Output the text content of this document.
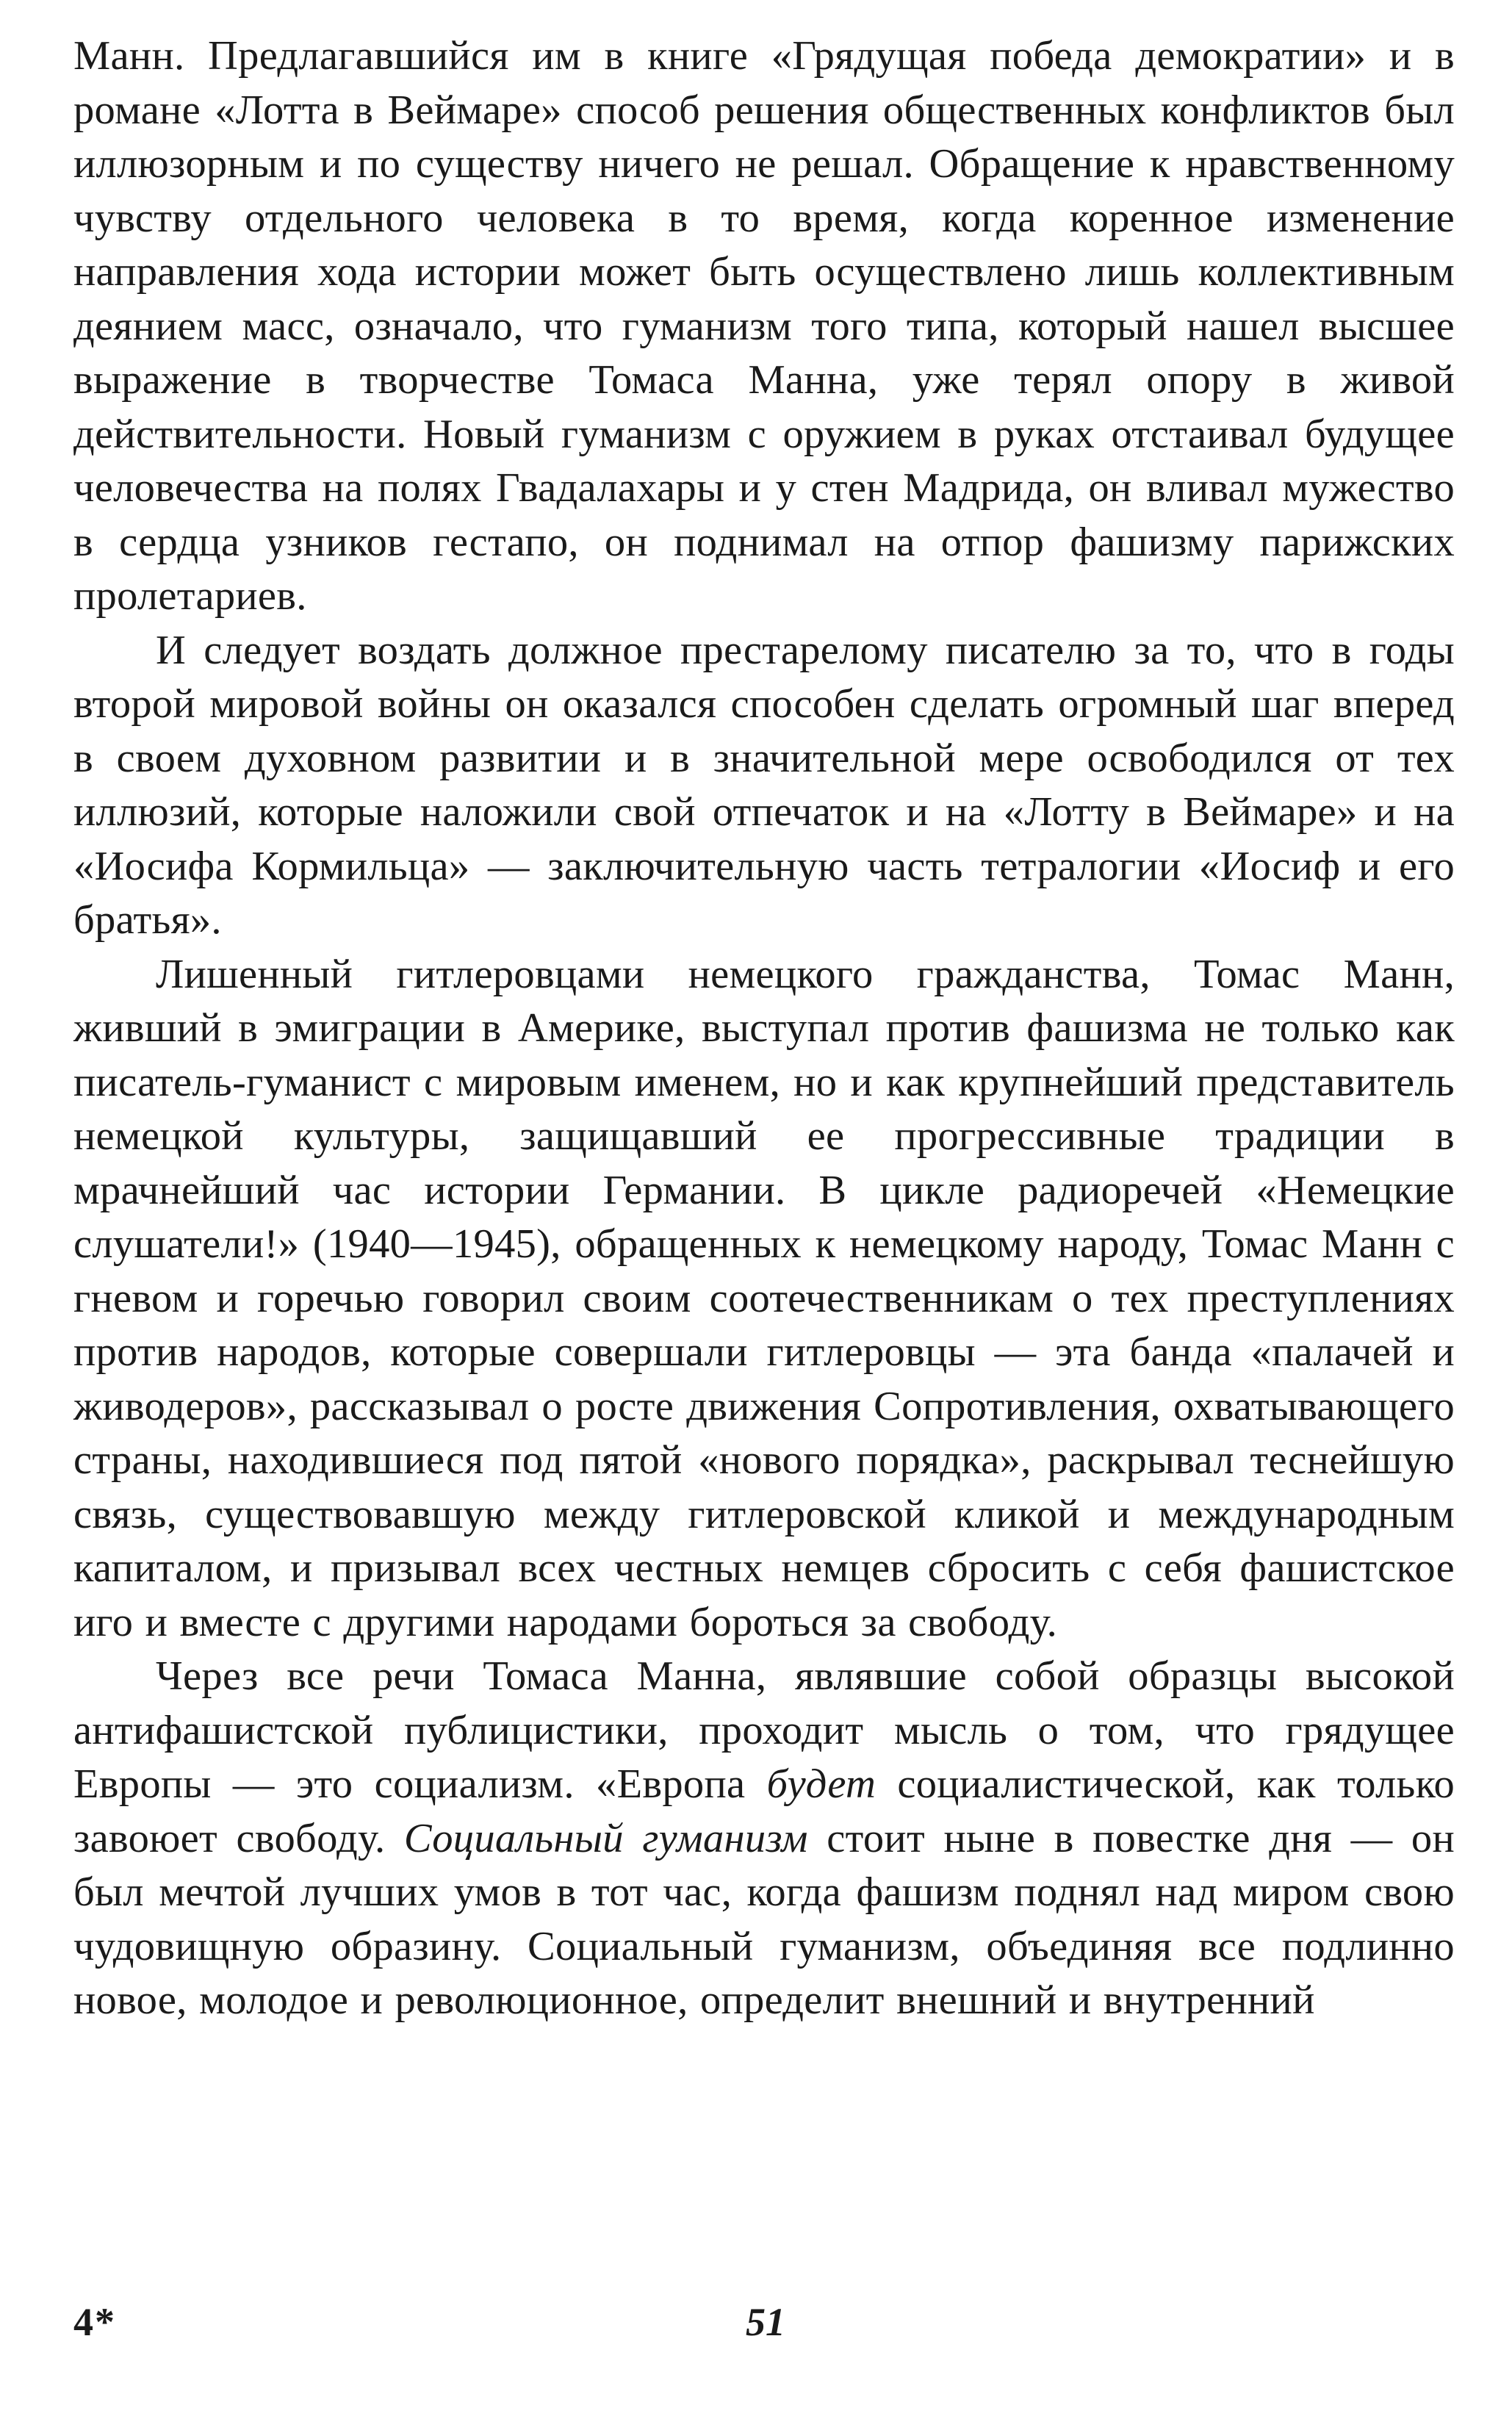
Манн. Предлагавшийся им в книге «Грядущая победа демократии» и в романе «Лотта в Веймаре» способ решения общественных конфликтов был иллюзорным и по существу ничего не решал. Обращение к нравственному чувству отдельного человека в то время, когда коренное изменение направления хода истории может быть осуществлено лишь коллективным деянием масс, означало, что гуманизм того типа, который нашел высшее выражение в творчестве Томаса Манна, уже терял опору в живой действительности. Новый гуманизм с оружием в руках отстаивал будущее человечества на полях Гвадалахары и у стен Мадрида, он вливал мужество в сердца узников гестапо, он поднимал на отпор фашизму парижских пролетариев.

И следует воздать должное престарелому писателю за то, что в годы второй мировой войны он оказался способен сделать огромный шаг вперед в своем духовном развитии и в значительной мере освободился от тех иллюзий, которые наложили свой отпечаток и на «Лотту в Веймаре» и на «Иосифа Кормильца» — заключительную часть тетралогии «Иосиф и его братья».

Лишенный гитлеровцами немецкого гражданства, Томас Манн, живший в эмиграции в Америке, выступал против фашизма не только как писатель-гуманист с мировым именем, но и как крупнейший представитель немецкой культуры, защищавший ее прогрессивные традиции в мрачнейший час истории Германии. В цикле радиоречей «Немецкие слушатели!» (1940—1945), обращенных к немецкому народу, Томас Манн с гневом и горечью говорил своим соотечественникам о тех преступлениях против народов, которые совершали гитлеровцы — эта банда «палачей и живодеров», рассказывал о росте движения Сопротивления, охватывающего страны, находившиеся под пятой «нового порядка», раскрывал теснейшую связь, существовавшую между гитлеровской кликой и международным капиталом, и призывал всех честных немцев сбросить с себя фашистское иго и вместе с другими народами бороться за свободу.

Через все речи Томаса Манна, являвшие собой образцы высокой антифашистской публицистики, проходит мысль о том, что грядущее Европы — это социализм. «Европа будет социалистической, как только завоюет свободу. Социальный гуманизм стоит ныне в повестке дня — он был мечтой лучших умов в тот час, когда фашизм поднял над миром свою чудовищную образину. Социальный гуманизм, объединяя все подлинно новое, молодое и революционное, определит внешний и внутренний

4*	51
